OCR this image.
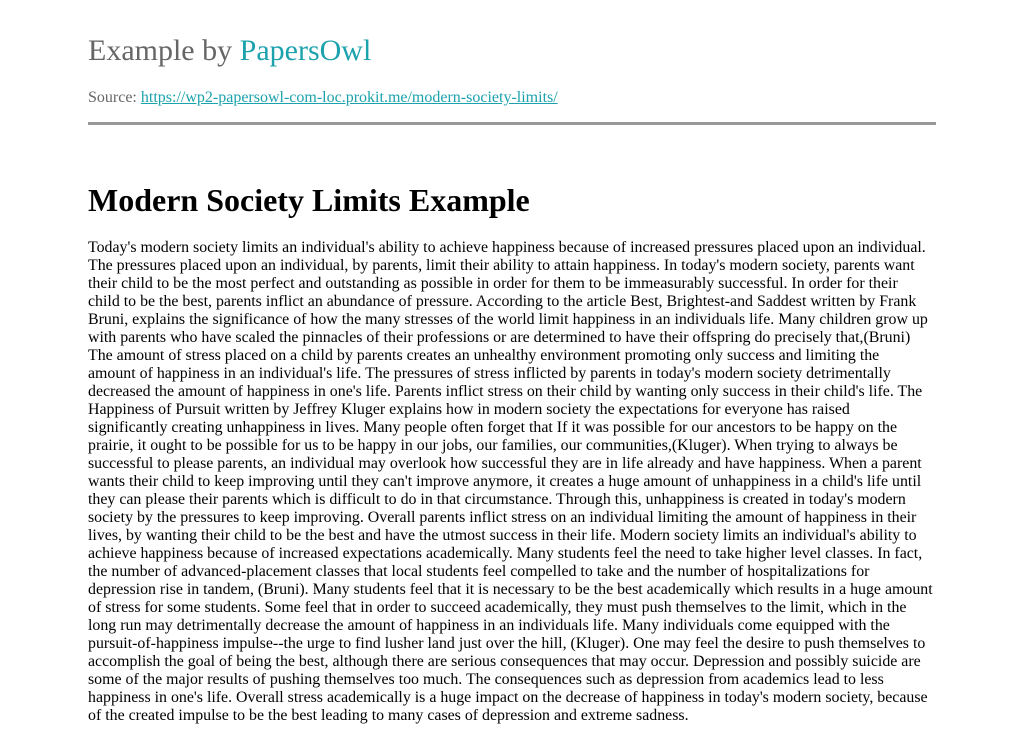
Example by PapersOwl
Source: https://wp2-papersowl-com-loc.prokit.me/modern-society-limits/
Modern Society Limits Example

Today's modern society limits an individual's ability to achieve happiness because of increased pressures placed upon an individual.
The pressures placed upon an individual, by parents, limit their ability to attain happiness. In today's modern society, parents want
their child to be the most perfect and outstanding as possible in order for them to be immeasurably successful. In order for their
child to be the best, parents inflict an abundance of pressure. According to the article Best, Brightest-and Saddest written by Frank
Bruni, explains the significance of how the many stresses of the world limit happiness in an individuals life. Many children grow up
with parents who have scaled the pinnacles of their professions or are determined to have their offspring do precisely that,(Bruni)
The amount of stress placed on a child by parents creates an unhealthy environment promoting only success and limiting the
amount of happiness in an individual's life. The pressures of stress inflicted by parents in today's modern society detrimentally
decreased the amount of happiness in one's life. Parents inflict stress on their child by wanting only success in their child's life. The
Happiness of Pursuit written by Jeffrey Kluger explains how in modern society the expectations for everyone has raised
significantly creating unhappiness in lives. Many people often forget that If it was possible for our ancestors to be happy on the
prairie, it ought to be possible for us to be happy in our jobs, our families, our communities,(Kluger). When trying to always be
successful to please parents, an individual may overlook how successful they are in life already and have happiness. When a parent
wants their child to keep improving until they can't improve anymore, it creates a huge amount of unhappiness in a child's life until
they can please their parents which is difficult to do in that circumstance. Through this, unhappiness is created in today's modern
society by the pressures to keep improving. Overall parents inflict stress on an individual limiting the amount of happiness in their
lives, by wanting their child to be the best and have the utmost success in their life. Modern society limits an individual's ability to
achieve happiness because of increased expectations academically. Many students feel the need to take higher level classes. In fact,
the number of advanced-placement classes that local students feel compelled to take and the number of hospitalizations for
depression rise in tandem, (Bruni). Many students feel that it is necessary to be the best academically which results in a huge amount
of stress for some students. Some feel that in order to succeed academically, they must push themselves to the limit, which in the
long run may detrimentally decrease the amount of happiness in an individuals life. Many individuals come equipped with the
pursuit-of-happiness impulse--the urge to find lusher land just over the hill, (Kluger). One may feel the desire to push themselves to
accomplish the goal of being the best, although there are serious consequences that may occur. Depression and possibly suicide are
some of the major results of pushing themselves too much. The consequences such as depression from academics lead to less
happiness in one's life. Overall stress academically is a huge impact on the decrease of happiness in today's modern society, because
of the created impulse to be the best leading to many cases of depression and extreme sadness.
